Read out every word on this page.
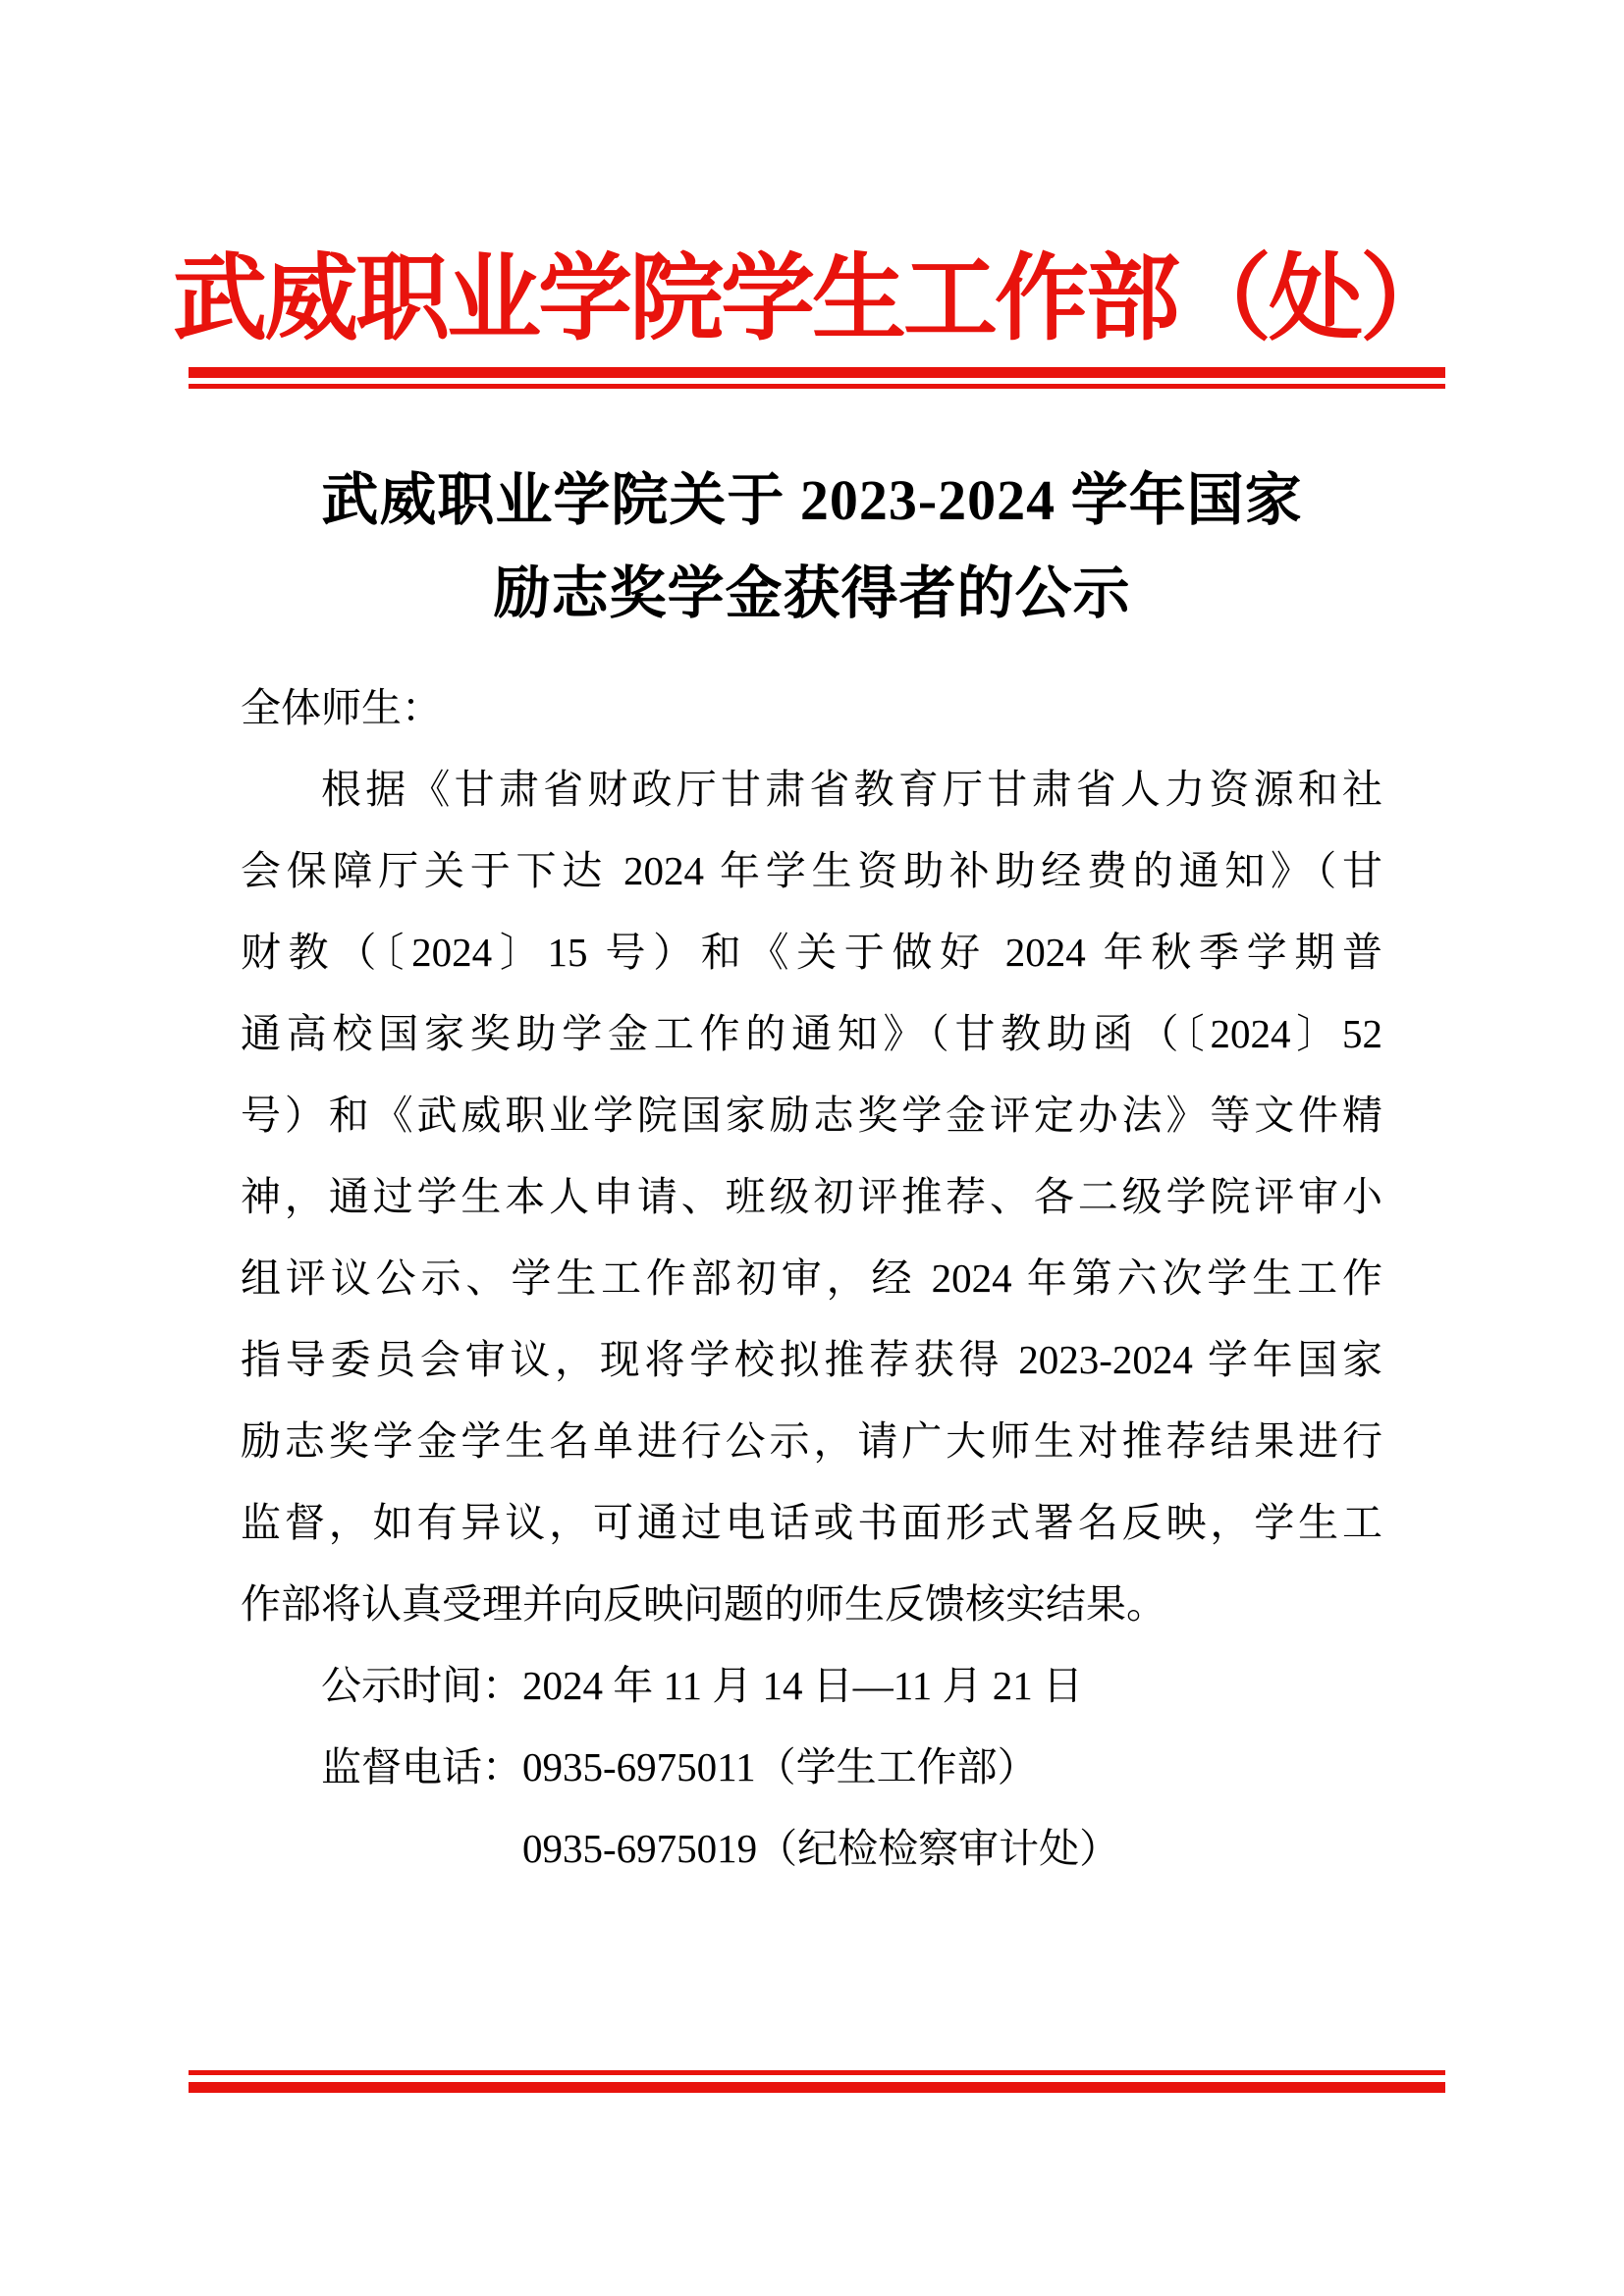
武威职业学院学生工作部（处）
武威职业学院关于 2023-2024 学年国家
励志奖学金获得者的公示
全体师生：
根据《甘肃省财政厅甘肃省教育厅甘肃省人力资源和社
会保障厅关于下达 2024 年学生资助补助经费的通知》（甘
财教（〔2024〕15 号）和《关于做好 2024 年秋季学期普
通高校国家奖助学金工作的通知》（甘教助函（〔2024〕52
号）和《武威职业学院国家励志奖学金评定办法》等文件精
神，通过学生本人申请、班级初评推荐、各二级学院评审小
组评议公示、学生工作部初审，经 2024 年第六次学生工作
指导委员会审议，现将学校拟推荐获得 2023-2024 学年国家
励志奖学金学生名单进行公示，请广大师生对推荐结果进行
监督，如有异议，可通过电话或书面形式署名反映，学生工
作部将认真受理并向反映问题的师生反馈核实结果。
公示时间：2024 年 11 月 14 日—11 月 21 日
监督电话：0935-6975011（学生工作部）
0935-6975019（纪检检察审计处）
